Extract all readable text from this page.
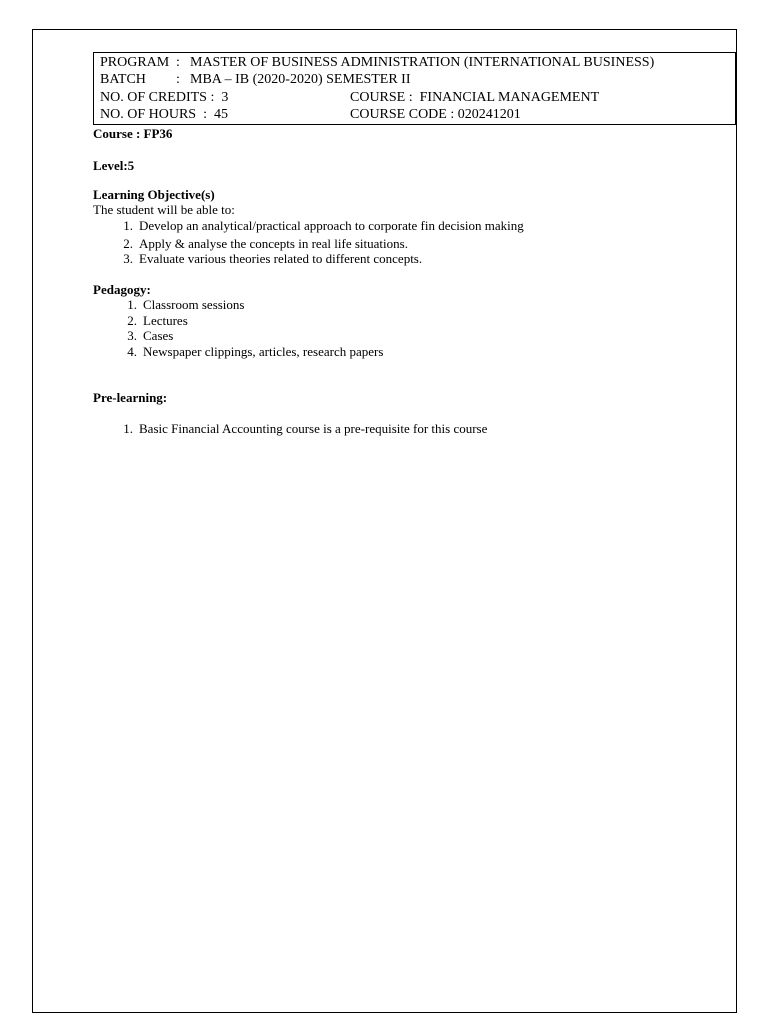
PROGRAM : MASTER OF BUSINESS ADMINISTRATION (INTERNATIONAL BUSINESS)
BATCH : MBA – IB (2020-2020) SEMESTER II
NO. OF CREDITS : 3	COURSE : FINANCIAL MANAGEMENT
NO. OF HOURS  :  45	COURSE CODE : 020241201
Course : FP36
Level:5
Learning Objective(s)
The student will be able to:
1. Develop an analytical/practical approach to corporate fin decision making
2. Apply & analyse the concepts in real life situations.
3. Evaluate various theories related to different concepts.
Pedagogy:
1. Classroom sessions
2. Lectures
3. Cases
4. Newspaper clippings, articles, research papers
Pre-learning:
1. Basic Financial Accounting course is a pre-requisite for this course
